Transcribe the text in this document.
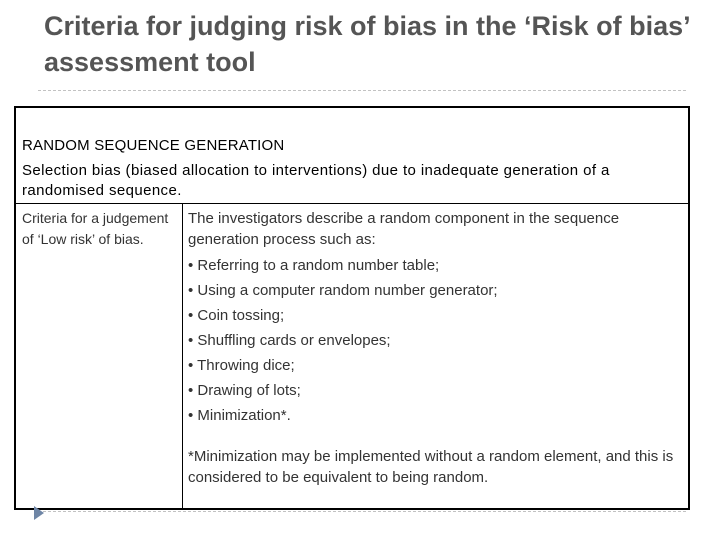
Criteria for judging risk of bias in the ‘Risk of bias’ assessment tool
RANDOM SEQUENCE GENERATION
Selection bias (biased allocation to interventions) due to inadequate generation of a randomised sequence.
Criteria for a judgement of ‘Low risk’ of bias.
The investigators describe a random component in the sequence generation process such as:
• Referring to a random number table;
• Using a computer random number generator;
• Coin tossing;
• Shuffling cards or envelopes;
• Throwing dice;
• Drawing of lots;
• Minimization*.
*Minimization may be implemented without a random element, and this is considered to be equivalent to being random.
